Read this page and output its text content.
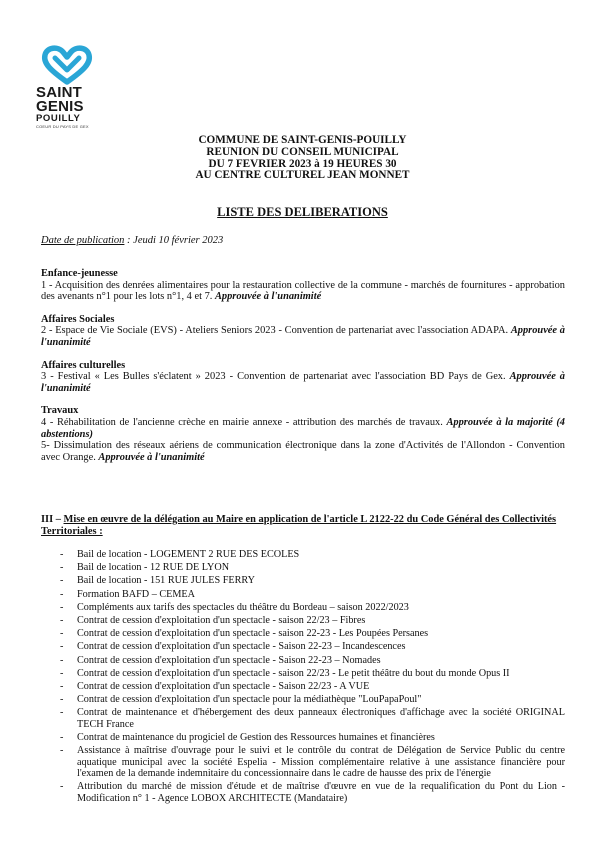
SAINT
GENIS
POUILLY
COEUR DU PAYS DE GEX
COMMUNE DE SAINT-GENIS-POUILLY
REUNION DU CONSEIL MUNICIPAL
DU 7 FEVRIER 2023 à 19 HEURES 30
AU CENTRE CULTUREL JEAN MONNET
LISTE DES DELIBERATIONS
Date de publication : Jeudi 10 février 2023
Enfance-jeunesse
1 - Acquisition des denrées alimentaires pour la restauration collective de la commune - marchés de fournitures - approbation des avenants n°1 pour les lots n°1, 4 et 7. Approuvée à l'unanimité
Affaires Sociales
2 - Espace de Vie Sociale (EVS) - Ateliers Seniors 2023 - Convention de partenariat avec l'association ADAPA. Approuvée à l'unanimité
Affaires culturelles
3 - Festival « Les Bulles s'éclatent » 2023 - Convention de partenariat avec l'association BD Pays de Gex. Approuvée à l'unanimité
Travaux
4 - Réhabilitation de l'ancienne crèche en mairie annexe - attribution des marchés de travaux. Approuvée à la majorité (4 abstentions)
5- Dissimulation des réseaux aériens de communication électronique dans la zone d'Activités de l'Allondon - Convention avec Orange. Approuvée à l'unanimité
III – Mise en œuvre de la délégation au Maire en application de l'article L 2122-22 du Code Général des Collectivités Territoriales :
- Bail de location - LOGEMENT 2 RUE DES ECOLES
- Bail de location - 12 RUE DE LYON
- Bail de location - 151 RUE JULES FERRY
- Formation BAFD – CEMEA
- Compléments aux tarifs des spectacles du théâtre du Bordeau – saison 2022/2023
- Contrat de cession d'exploitation d'un spectacle - saison 22/23 – Fibres
- Contrat de cession d'exploitation d'un spectacle - saison 22-23 - Les Poupées Persanes
- Contrat de cession d'exploitation d'un spectacle - Saison 22-23 – Incandescences
- Contrat de cession d'exploitation d'un spectacle - Saison 22-23 – Nomades
- Contrat de cession d'exploitation d'un spectacle - saison 22/23 - Le petit théâtre du bout du monde Opus II
- Contrat de cession d'exploitation d'un spectacle - Saison 22/23 - A VUE
- Contrat de cession d'exploitation d'un spectacle pour la médiathèque "LouPapaPoul"
- Contrat de maintenance et d'hébergement des deux panneaux électroniques d'affichage avec la société ORIGINAL TECH France
- Contrat de maintenance du progiciel de Gestion des Ressources humaines et financières
- Assistance à maîtrise d'ouvrage pour le suivi et le contrôle du contrat de Délégation de Service Public du centre aquatique municipal avec la société Espelia - Mission complémentaire relative à une assistance financière pour l'examen de la demande indemnitaire du concessionnaire dans le cadre de hausse des prix de l'énergie
- Attribution du marché de mission d'étude et de maîtrise d'œuvre en vue de la requalification du Pont du Lion - Modification n° 1 - Agence LOBOX ARCHITECTE (Mandataire)
